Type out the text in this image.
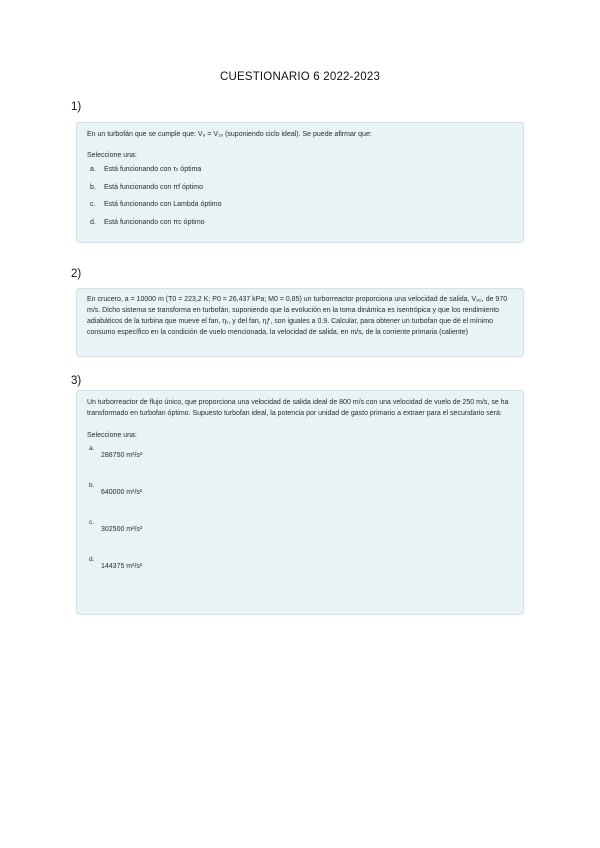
CUESTIONARIO 6 2022-2023
1)

En un turbofán que se cumple que: V₉ = V₁₉ (suponiendo ciclo ideal). Se puede afirmar que:

Seleccione una:
a.	Está funcionando con τₗₗ óptima
b.	Está funcionando con πf óptimo
c.	Está funcionando con Lambda óptimo
d.	Está funcionando con πc óptimo
2)

En crucero, a = 10000 m (T0 = 223,2 K; P0 = 26,437 kPa; M0 = 0,85) un turborreactor proporciona una velocidad de salida, V₉₀, de 970 m/s. Dicho sistema se transforma en turbofán, suponiendo que la evolución en la toma dinámica es isentrópica y que los rendimiento adiabáticos de la turbina que mueve el fan, ηₜ, y del fan, ηƒ, son iguales a 0.9. Calcular, para obtener un turbofan que dé el mínimo consumo específico en la condición de vuelo mencionada, la velocidad de salida, en m/s, de la corriente primaria (caliente)

3)

Un turborreactor de flujo único, que proporciona una velocidad de salida ideal de 800 m/s con una velocidad de vuelo de 250 m/s, se ha transformado en turbofan óptimo. Supuesto turbofan ideal, la potencia por unidad de gasto primario a extraer para el secundario será:

Seleccione una:
a.
288750 m²/s²
b.
640000 m²/s²
c.
302500 m²/s²
d.
144375 m²/s²
